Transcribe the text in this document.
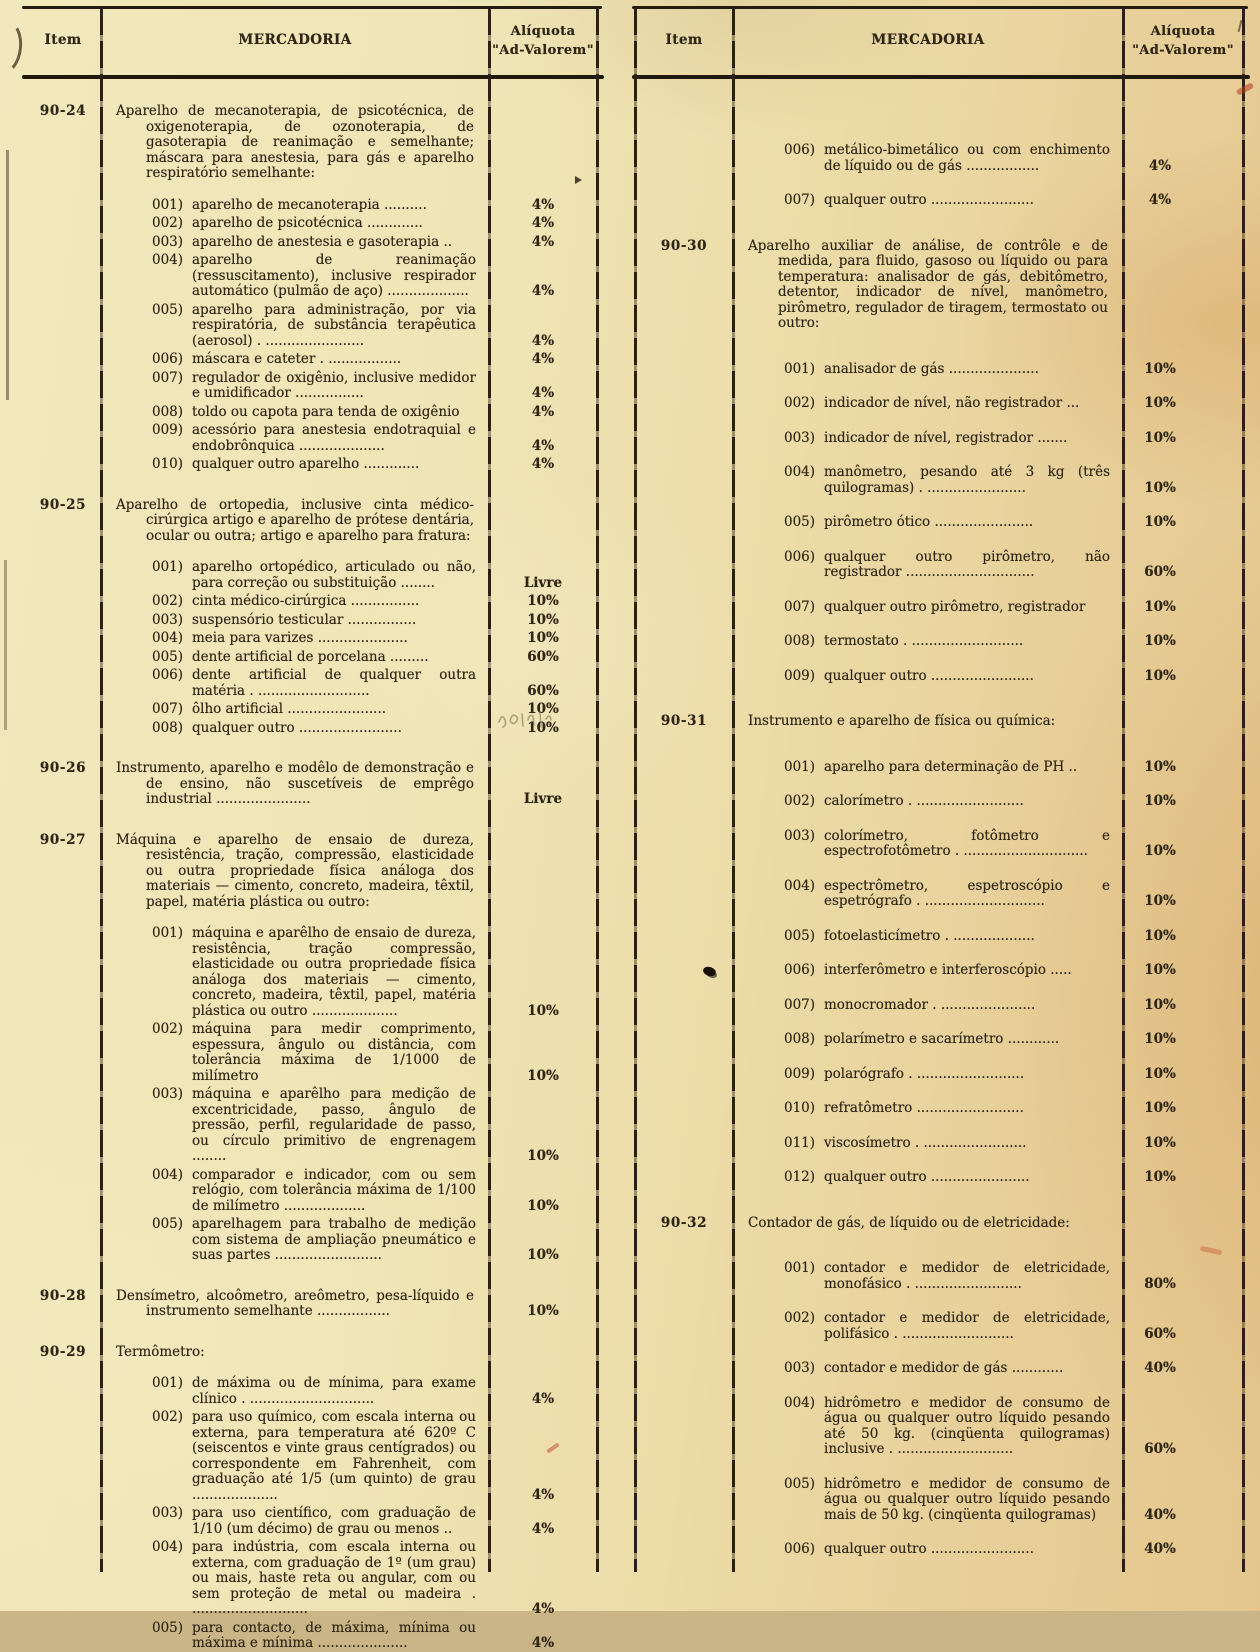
Item	MERCADORIA
Alíquota
"Ad-Valorem"
90-24	Aparelho de mecanoterapia, de psicotécnica, de oxigenoterapia, de ozonoterapia, de gasoterapia de reanimação e semelhante; máscara para anestesia, para gás e aparelho respiratório semelhante:
001) aparelho de mecanoterapia ..........	4%
002) aparelho de psicotécnica .............	4%
003) aparelho de anestesia e gasoterapia ..	4%
004) aparelho de reanimação (ressuscitamento), inclusive respirador automático (pulmão de aço) ...................	4%
005) aparelho para administração, por via respiratória, de substância terapêutica (aerosol) . .......................	4%
006) máscara e cateter . .................	4%
007) regulador de oxigênio, inclusive medidor e umidificador ................	4%
008) toldo ou capota para tenda de oxigênio	4%
009) acessório para anestesia endotraquial e endobrônquica ....................	4%
010) qualquer outro aparelho .............	4%
90-25	Aparelho de ortopedia, inclusive cinta médico-cirúrgica artigo e aparelho de prótese dentária, ocular ou outra; artigo e aparelho para fratura:
001) aparelho ortopédico, articulado ou não, para correção ou substituição ........	Livre
002) cinta médico-cirúrgica ................	10%
003) suspensório testicular ................	10%
004) meia para varizes .....................	10%
005) dente artificial de porcelana .........	60%
006) dente artificial de qualquer outra matéria . ..........................	60%
007) ôlho artificial .......................	10%
008) qualquer outro ........................	10%
90-26	Instrumento, aparelho e modêlo de demonstração e de ensino, não suscetíveis de emprêgo industrial ......................	Livre
90-27	Máquina e aparelho de ensaio de dureza, resistência, tração, compressão, elasticidade ou outra propriedade física análoga dos materiais — cimento, concreto, madeira, têxtil, papel, matéria plástica ou outro:
001) máquina e aparêlho de ensaio de dureza, resistência, tração compressão, elasticidade ou outra propriedade física análoga dos materiais — cimento, concreto, madeira, têxtil, papel, matéria plástica ou outro ....................	10%
002) máquina para medir comprimento, espessura, ângulo ou distância, com tolerância máxima de 1/1000 de milímetro	10%
003) máquina e aparêlho para medição de excentricidade, passo, ângulo de pressão, perfil, regularidade de passo, ou círculo primitivo de engrenagem ........	10%
004) comparador e indicador, com ou sem relógio, com tolerância máxima de 1/100 de milímetro ...................	10%
005) aparelhagem para trabalho de medição com sistema de ampliação pneumático e suas partes .........................	10%
90-28	Densímetro, alcoômetro, areômetro, pesa-líquido e instrumento semelhante .................	10%
90-29	Termômetro:
001) de máxima ou de mínima, para exame clínico . .............................	4%
002) para uso químico, com escala interna ou externa, para temperatura até 620º C (seiscentos e vinte graus centígrados) ou correspondente em Fahrenheit, com graduação até 1/5 (um quinto) de grau ....................	4%
003) para uso científico, com graduação de 1/10 (um décimo) de grau ou menos ..	4%
004) para indústria, com escala interna ou externa, com graduação de 1º (um grau) ou mais, haste reta ou angular, com ou sem proteção de metal ou madeira . ...........................	4%
005) para contacto, de máxima, mínima ou máxima e mínima .....................	4%
Item	MERCADORIA
Alíquota
"Ad-Valorem"
006) metálico-bimetálico ou com enchimento de líquido ou de gás .................	4%
007) qualquer outro ........................	4%
90-30	Aparelho auxiliar de análise, de contrôle e de medida, para fluido, gasoso ou líquido ou para temperatura: analisador de gás, debitômetro, detentor, indicador de nível, manômetro, pirômetro, regulador de tiragem, termostato ou outro:
001) analisador de gás .....................	10%
002) indicador de nível, não registrador ...	10%
003) indicador de nível, registrador .......	10%
004) manômetro, pesando até 3 kg (três quilogramas) . .......................	10%
005) pirômetro ótico .......................	10%
006) qualquer outro pirômetro, não registrador ..............................	60%
007) qualquer outro pirômetro, registrador	10%
008) termostato . ..........................	10%
009) qualquer outro ........................	10%
90-31	Instrumento e aparelho de física ou química:
001) aparelho para determinação de PH ..	10%
002) calorímetro . .........................	10%
003) colorímetro, fotômetro e espectrofotômetro . .............................	10%
004) espectrômetro, espetroscópio e espetrógrafo . ............................	10%
005) fotoelasticímetro . ...................	10%
006) interferômetro e interferoscópio .....	10%
007) monocromador . ......................	10%
008) polarímetro e sacarímetro ............	10%
009) polarógrafo . .........................	10%
010) refratômetro .........................	10%
011) viscosímetro . ........................	10%
012) qualquer outro .......................	10%
90-32	Contador de gás, de líquido ou de eletricidade:
001) contador e medidor de eletricidade, monofásico . .........................	80%
002) contador e medidor de eletricidade, polifásico . ..........................	60%
003) contador e medidor de gás ............	40%
004) hidrômetro e medidor de consumo de água ou qualquer outro líquido pesando até 50 kg. (cinqüenta quilogramas) inclusive . ...........................	60%
005) hidrômetro e medidor de consumo de água ou qualquer outro líquido pesando mais de 50 kg. (cinqüenta quilogramas)	40%
006) qualquer outro ........................	40%
